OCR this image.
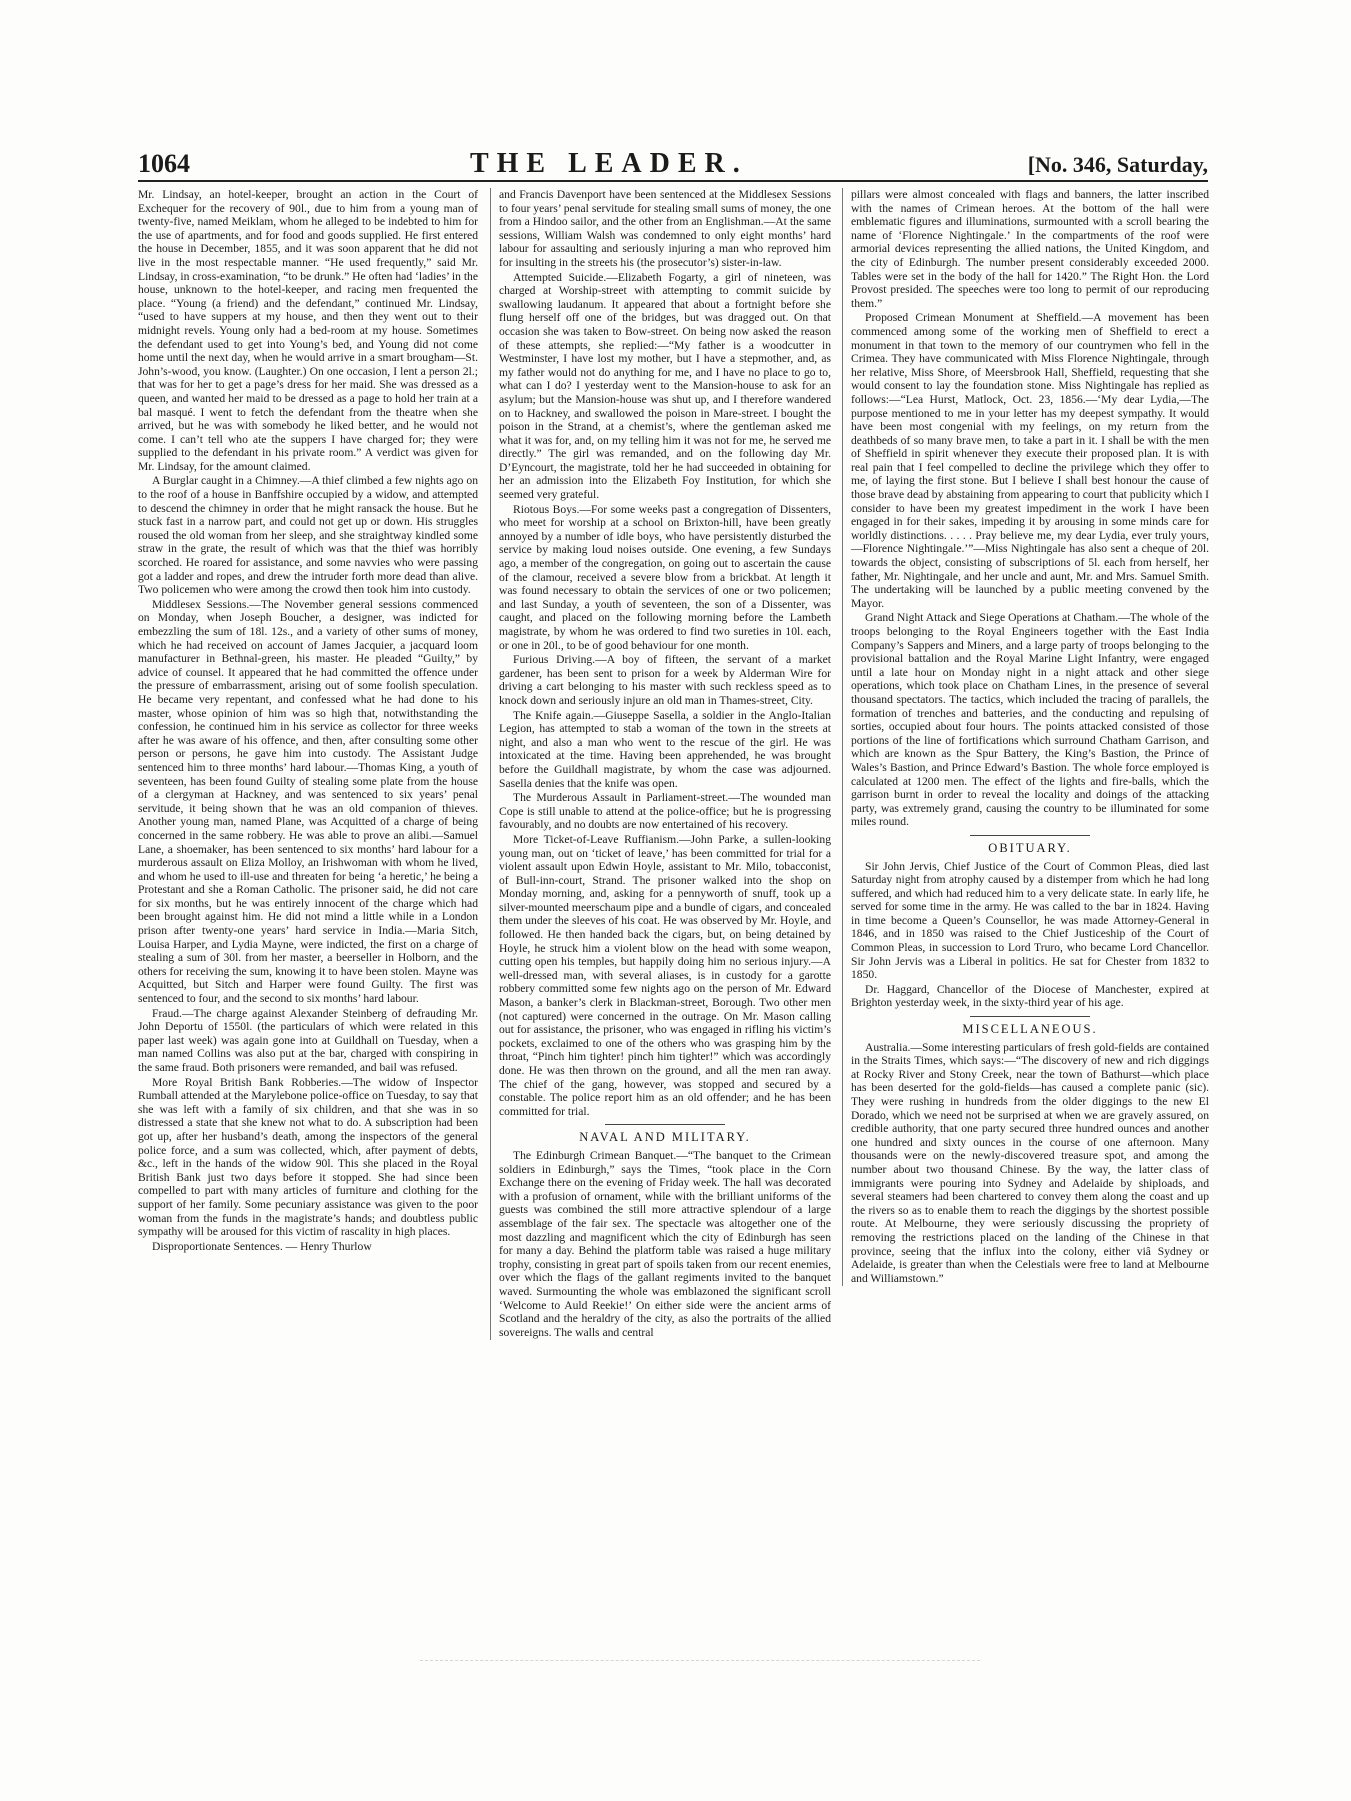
1064	THE LEADER.	[No. 346, Saturday,

Mr. Lindsay, an hotel-keeper, brought an action in the Court of Exchequer for the recovery of 90l., due to him from a young man of twenty-five, named Meiklam, whom he alleged to be indebted to him for the use of apartments, and for food and goods supplied. He first entered the house in December, 1855, and it was soon apparent that he did not live in the most respectable manner. “He used frequently,” said Mr. Lindsay, in cross-examination, “to be drunk.” He often had ‘ladies’ in the house, unknown to the hotel-keeper, and racing men frequented the place. “Young (a friend) and the defendant,” continued Mr. Lindsay, “used to have suppers at my house, and then they went out to their midnight revels. Young only had a bed-room at my house. Sometimes the defendant used to get into Young’s bed, and Young did not come home until the next day, when he would arrive in a smart brougham—St. John’s-wood, you know. (Laughter.) On one occasion, I lent a person 2l.; that was for her to get a page’s dress for her maid. She was dressed as a queen, and wanted her maid to be dressed as a page to hold her train at a bal masqué. I went to fetch the defendant from the theatre when she arrived, but he was with somebody he liked better, and he would not come. I can’t tell who ate the suppers I have charged for; they were supplied to the defendant in his private room.” A verdict was given for Mr. Lindsay, for the amount claimed.

A Burglar caught in a Chimney.—A thief climbed a few nights ago on to the roof of a house in Banffshire occupied by a widow, and attempted to descend the chimney in order that he might ransack the house. But he stuck fast in a narrow part, and could not get up or down. His struggles roused the old woman from her sleep, and she straightway kindled some straw in the grate, the result of which was that the thief was horribly scorched. He roared for assistance, and some navvies who were passing got a ladder and ropes, and drew the intruder forth more dead than alive. Two policemen who were among the crowd then took him into custody.

Middlesex Sessions.—The November general sessions commenced on Monday, when Joseph Boucher, a designer, was indicted for embezzling the sum of 18l. 12s., and a variety of other sums of money, which he had received on account of James Jacquier, a jacquard loom manufacturer in Bethnal-green, his master. He pleaded “Guilty,” by advice of counsel. It appeared that he had committed the offence under the pressure of embarrassment, arising out of some foolish speculation. He became very repentant, and confessed what he had done to his master, whose opinion of him was so high that, notwithstanding the confession, he continued him in his service as collector for three weeks after he was aware of his offence, and then, after consulting some other person or persons, he gave him into custody. The Assistant Judge sentenced him to three months’ hard labour.—Thomas King, a youth of seventeen, has been found Guilty of stealing some plate from the house of a clergyman at Hackney, and was sentenced to six years’ penal servitude, it being shown that he was an old companion of thieves. Another young man, named Plane, was Acquitted of a charge of being concerned in the same robbery. He was able to prove an alibi.—Samuel Lane, a shoemaker, has been sentenced to six months’ hard labour for a murderous assault on Eliza Molloy, an Irishwoman with whom he lived, and whom he used to ill-use and threaten for being ‘a heretic,’ he being a Protestant and she a Roman Catholic. The prisoner said, he did not care for six months, but he was entirely innocent of the charge which had been brought against him. He did not mind a little while in a London prison after twenty-one years’ hard service in India.—Maria Sitch, Louisa Harper, and Lydia Mayne, were indicted, the first on a charge of stealing a sum of 30l. from her master, a beerseller in Holborn, and the others for receiving the sum, knowing it to have been stolen. Mayne was Acquitted, but Sitch and Harper were found Guilty. The first was sentenced to four, and the second to six months’ hard labour.

Fraud.—The charge against Alexander Steinberg of defrauding Mr. John Deportu of 1550l. (the particulars of which were related in this paper last week) was again gone into at Guildhall on Tuesday, when a man named Collins was also put at the bar, charged with conspiring in the same fraud. Both prisoners were remanded, and bail was refused.

More Royal British Bank Robberies.—The widow of Inspector Rumball attended at the Marylebone police-office on Tuesday, to say that she was left with a family of six children, and that she was in so distressed a state that she knew not what to do. A subscription had been got up, after her husband’s death, among the inspectors of the general police force, and a sum was collected, which, after payment of debts, &c., left in the hands of the widow 90l. This she placed in the Royal British Bank just two days before it stopped. She had since been compelled to part with many articles of furniture and clothing for the support of her family. Some pecuniary assistance was given to the poor woman from the funds in the magistrate’s hands; and doubtless public sympathy will be aroused for this victim of rascality in high places.

Disproportionate Sentences. — Henry Thurlow

and Francis Davenport have been sentenced at the Middlesex Sessions to four years’ penal servitude for stealing small sums of money, the one from a Hindoo sailor, and the other from an Englishman.—At the same sessions, William Walsh was condemned to only eight months’ hard labour for assaulting and seriously injuring a man who reproved him for insulting in the streets his (the prosecutor’s) sister-in-law.

Attempted Suicide.—Elizabeth Fogarty, a girl of nineteen, was charged at Worship-street with attempting to commit suicide by swallowing laudanum. It appeared that about a fortnight before she flung herself off one of the bridges, but was dragged out. On that occasion she was taken to Bow-street. On being now asked the reason of these attempts, she replied:—“My father is a woodcutter in Westminster, I have lost my mother, but I have a stepmother, and, as my father would not do anything for me, and I have no place to go to, what can I do? I yesterday went to the Mansion-house to ask for an asylum; but the Mansion-house was shut up, and I therefore wandered on to Hackney, and swallowed the poison in Mare-street. I bought the poison in the Strand, at a chemist’s, where the gentleman asked me what it was for, and, on my telling him it was not for me, he served me directly.” The girl was remanded, and on the following day Mr. D’Eyncourt, the magistrate, told her he had succeeded in obtaining for her an admission into the Elizabeth Foy Institution, for which she seemed very grateful.

Riotous Boys.—For some weeks past a congregation of Dissenters, who meet for worship at a school on Brixton-hill, have been greatly annoyed by a number of idle boys, who have persistently disturbed the service by making loud noises outside. One evening, a few Sundays ago, a member of the congregation, on going out to ascertain the cause of the clamour, received a severe blow from a brickbat. At length it was found necessary to obtain the services of one or two policemen; and last Sunday, a youth of seventeen, the son of a Dissenter, was caught, and placed on the following morning before the Lambeth magistrate, by whom he was ordered to find two sureties in 10l. each, or one in 20l., to be of good behaviour for one month.

Furious Driving.—A boy of fifteen, the servant of a market gardener, has been sent to prison for a week by Alderman Wire for driving a cart belonging to his master with such reckless speed as to knock down and seriously injure an old man in Thames-street, City.

The Knife again.—Giuseppe Sasella, a soldier in the Anglo-Italian Legion, has attempted to stab a woman of the town in the streets at night, and also a man who went to the rescue of the girl. He was intoxicated at the time. Having been apprehended, he was brought before the Guildhall magistrate, by whom the case was adjourned. Sasella denies that the knife was open.

The Murderous Assault in Parliament-street.—The wounded man Cope is still unable to attend at the police-office; but he is progressing favourably, and no doubts are now entertained of his recovery.

More Ticket-of-Leave Ruffianism.—John Parke, a sullen-looking young man, out on ‘ticket of leave,’ has been committed for trial for a violent assault upon Edwin Hoyle, assistant to Mr. Milo, tobacconist, of Bull-inn-court, Strand. The prisoner walked into the shop on Monday morning, and, asking for a pennyworth of snuff, took up a silver-mounted meerschaum pipe and a bundle of cigars, and concealed them under the sleeves of his coat. He was observed by Mr. Hoyle, and followed. He then handed back the cigars, but, on being detained by Hoyle, he struck him a violent blow on the head with some weapon, cutting open his temples, but happily doing him no serious injury.—A well-dressed man, with several aliases, is in custody for a garotte robbery committed some few nights ago on the person of Mr. Edward Mason, a banker’s clerk in Blackman-street, Borough. Two other men (not captured) were concerned in the outrage. On Mr. Mason calling out for assistance, the prisoner, who was engaged in rifling his victim’s pockets, exclaimed to one of the others who was grasping him by the throat, “Pinch him tighter! pinch him tighter!” which was accordingly done. He was then thrown on the ground, and all the men ran away. The chief of the gang, however, was stopped and secured by a constable. The police report him as an old offender; and he has been committed for trial.

NAVAL AND MILITARY.

The Edinburgh Crimean Banquet.—“The banquet to the Crimean soldiers in Edinburgh,” says the Times, “took place in the Corn Exchange there on the evening of Friday week. The hall was decorated with a profusion of ornament, while with the brilliant uniforms of the guests was combined the still more attractive splendour of a large assemblage of the fair sex. The spectacle was altogether one of the most dazzling and magnificent which the city of Edinburgh has seen for many a day. Behind the platform table was raised a huge military trophy, consisting in great part of spoils taken from our recent enemies, over which the flags of the gallant regiments invited to the banquet waved. Surmounting the whole was emblazoned the significant scroll ‘Welcome to Auld Reekie!’ On either side were the ancient arms of Scotland and the heraldry of the city, as also the portraits of the allied sovereigns. The walls and central

pillars were almost concealed with flags and banners, the latter inscribed with the names of Crimean heroes. At the bottom of the hall were emblematic figures and illuminations, surmounted with a scroll bearing the name of ‘Florence Nightingale.’ In the compartments of the roof were armorial devices representing the allied nations, the United Kingdom, and the city of Edinburgh. The number present considerably exceeded 2000. Tables were set in the body of the hall for 1420.” The Right Hon. the Lord Provost presided. The speeches were too long to permit of our reproducing them.”

Proposed Crimean Monument at Sheffield.—A movement has been commenced among some of the working men of Sheffield to erect a monument in that town to the memory of our countrymen who fell in the Crimea. They have communicated with Miss Florence Nightingale, through her relative, Miss Shore, of Meersbrook Hall, Sheffield, requesting that she would consent to lay the foundation stone. Miss Nightingale has replied as follows:—“Lea Hurst, Matlock, Oct. 23, 1856.—‘My dear Lydia,—The purpose mentioned to me in your letter has my deepest sympathy. It would have been most congenial with my feelings, on my return from the deathbeds of so many brave men, to take a part in it. I shall be with the men of Sheffield in spirit whenever they execute their proposed plan. It is with real pain that I feel compelled to decline the privilege which they offer to me, of laying the first stone. But I believe I shall best honour the cause of those brave dead by abstaining from appearing to court that publicity which I consider to have been my greatest impediment in the work I have been engaged in for their sakes, impeding it by arousing in some minds care for worldly distinctions. . . . . Pray believe me, my dear Lydia, ever truly yours,—Florence Nightingale.’”—Miss Nightingale has also sent a cheque of 20l. towards the object, consisting of subscriptions of 5l. each from herself, her father, Mr. Nightingale, and her uncle and aunt, Mr. and Mrs. Samuel Smith. The undertaking will be launched by a public meeting convened by the Mayor.

Grand Night Attack and Siege Operations at Chatham.—The whole of the troops belonging to the Royal Engineers together with the East India Company’s Sappers and Miners, and a large party of troops belonging to the provisional battalion and the Royal Marine Light Infantry, were engaged until a late hour on Monday night in a night attack and other siege operations, which took place on Chatham Lines, in the presence of several thousand spectators. The tactics, which included the tracing of parallels, the formation of trenches and batteries, and the conducting and repulsing of sorties, occupied about four hours. The points attacked consisted of those portions of the line of fortifications which surround Chatham Garrison, and which are known as the Spur Battery, the King’s Bastion, the Prince of Wales’s Bastion, and Prince Edward’s Bastion. The whole force employed is calculated at 1200 men. The effect of the lights and fire-balls, which the garrison burnt in order to reveal the locality and doings of the attacking party, was extremely grand, causing the country to be illuminated for some miles round.

OBITUARY.

Sir John Jervis, Chief Justice of the Court of Common Pleas, died last Saturday night from atrophy caused by a distemper from which he had long suffered, and which had reduced him to a very delicate state. In early life, he served for some time in the army. He was called to the bar in 1824. Having in time become a Queen’s Counsellor, he was made Attorney-General in 1846, and in 1850 was raised to the Chief Justiceship of the Court of Common Pleas, in succession to Lord Truro, who became Lord Chancellor. Sir John Jervis was a Liberal in politics. He sat for Chester from 1832 to 1850.

Dr. Haggard, Chancellor of the Diocese of Manchester, expired at Brighton yesterday week, in the sixty-third year of his age.

MISCELLANEOUS.

Australia.—Some interesting particulars of fresh gold-fields are contained in the Straits Times, which says:—“The discovery of new and rich diggings at Rocky River and Stony Creek, near the town of Bathurst—which place has been deserted for the gold-fields—has caused a complete panic (sic). They were rushing in hundreds from the older diggings to the new El Dorado, which we need not be surprised at when we are gravely assured, on credible authority, that one party secured three hundred ounces and another one hundred and sixty ounces in the course of one afternoon. Many thousands were on the newly-discovered treasure spot, and among the number about two thousand Chinese. By the way, the latter class of immigrants were pouring into Sydney and Adelaide by shiploads, and several steamers had been chartered to convey them along the coast and up the rivers so as to enable them to reach the diggings by the shortest possible route. At Melbourne, they were seriously discussing the propriety of removing the restrictions placed on the landing of the Chinese in that province, seeing that the influx into the colony, either viâ Sydney or Adelaide, is greater than when the Celestials were free to land at Melbourne and Williamstown.”
